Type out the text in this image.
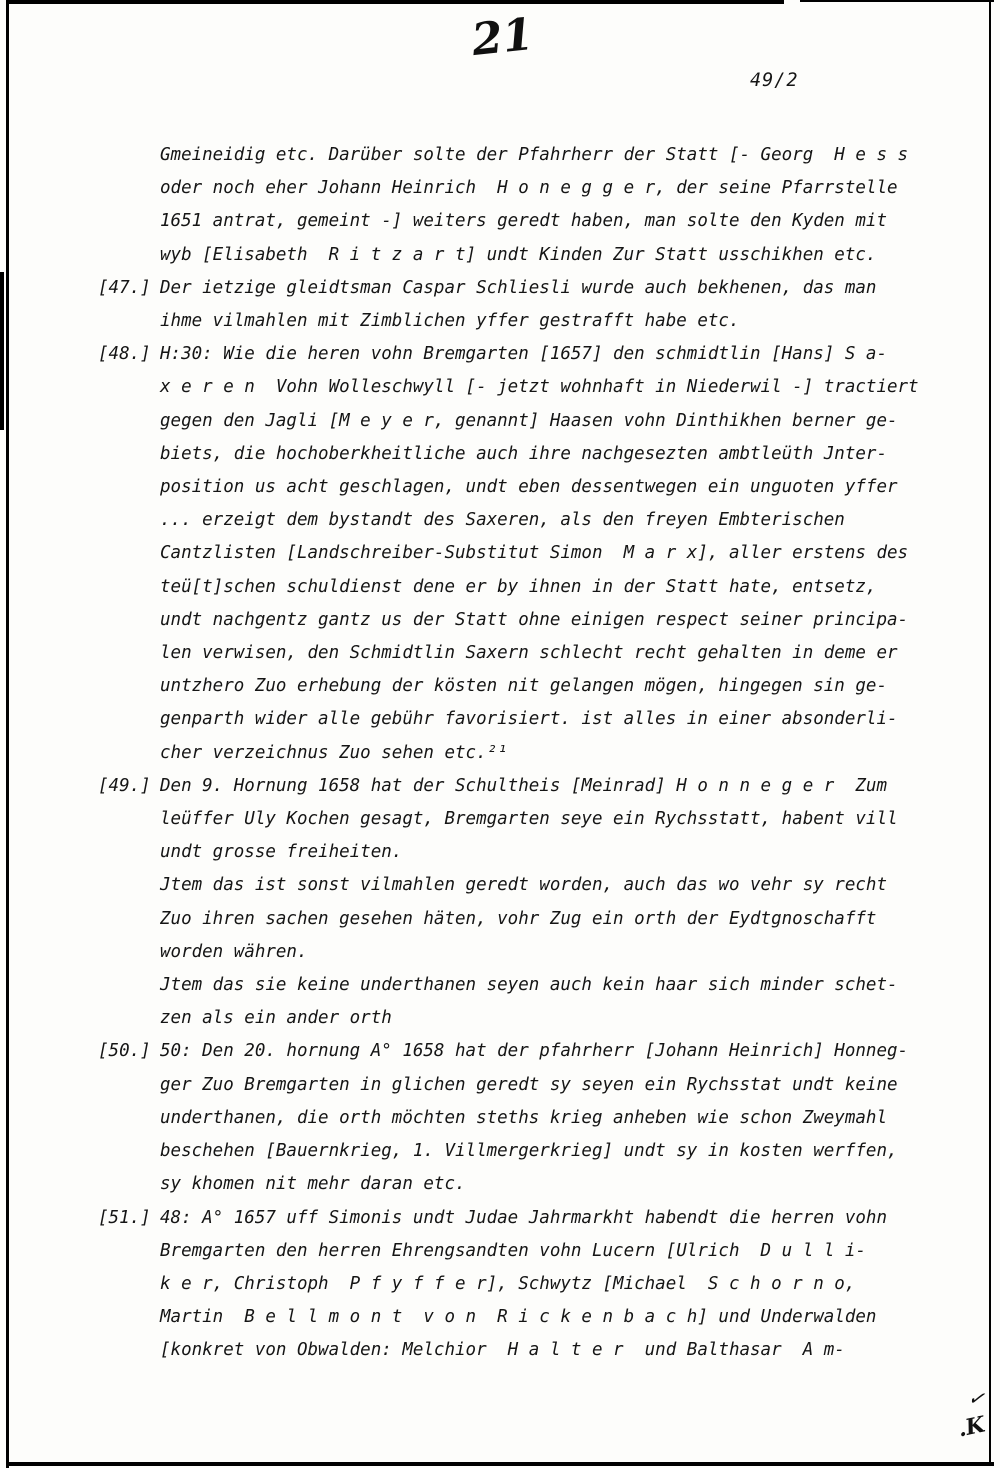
21
49/2
Gmeineidig etc. Darüber solte der Pfahrherr der Statt [- Georg  H e s s
oder noch eher Johann Heinrich  H o n e g g e r, der seine Pfarrstelle
1651 antrat, gemeint -] weiters geredt haben, man solte den Kyden mit
wyb [Elisabeth  R i t z a r t] undt Kinden Zur Statt usschikhen etc.
[47.] Der ietzige gleidtsman Caspar Schliesli wurde auch bekhenen, das man
ihme vilmahlen mit Zimblichen yffer gestrafft habe etc.
[48.] H:30: Wie die heren vohn Bremgarten [1657] den schmidtlin [Hans] S a-
x e r e n  Vohn Wolleschwyll [- jetzt wohnhaft in Niederwil -] tractiert
gegen den Jagli [M e y e r, genannt] Haasen vohn Dinthikhen berner ge-
biets, die hochoberkheitliche auch ihre nachgesezten ambtleüth Jnter-
position us acht geschlagen, undt eben dessentwegen ein unguoten yffer
... erzeigt dem bystandt des Saxeren, als den freyen Embterischen
Cantzlisten [Landschreiber-Substitut Simon  M a r x], aller erstens des
teü[t]schen schuldienst dene er by ihnen in der Statt hate, entsetz,
undt nachgentz gantz us der Statt ohne einigen respect seiner principa-
len verwisen, den Schmidtlin Saxern schlecht recht gehalten in deme er
untzhero Zuo erhebung der kösten nit gelangen mögen, hingegen sin ge-
genparth wider alle gebühr favorisiert. ist alles in einer absonderli-
cher verzeichnus Zuo sehen etc.²¹
[49.] Den 9. Hornung 1658 hat der Schultheis [Meinrad] H o n n e g e r  Zum
leüffer Uly Kochen gesagt, Bremgarten seye ein Rychsstatt, habent vill
undt grosse freiheiten.
Jtem das ist sonst vilmahlen geredt worden, auch das wo vehr sy recht
Zuo ihren sachen gesehen häten, vohr Zug ein orth der Eydtgnoschafft
worden währen.
Jtem das sie keine underthanen seyen auch kein haar sich minder schet-
zen als ein ander orth
[50.] 50: Den 20. hornung A° 1658 hat der pfahrherr [Johann Heinrich] Honneg-
ger Zuo Bremgarten in glichen geredt sy seyen ein Rychsstat undt keine
underthanen, die orth möchten steths krieg anheben wie schon Zweymahl
beschehen [Bauernkrieg, 1. Villmergerkrieg] undt sy in kosten werffen,
sy khomen nit mehr daran etc.
[51.] 48: A° 1657 uff Simonis undt Judae Jahrmarkht habendt die herren vohn
Bremgarten den herren Ehrengsandten vohn Lucern [Ulrich  D u l l i-
k e r, Christoph  P f y f f e r], Schwytz [Michael  S c h o r n o,
Martin  B e l l m o n t  v o n  R i c k e n b a c h] und Underwalden
[konkret von Obwalden: Melchior  H a l t e r  und Balthasar  A m-
✓
.K
